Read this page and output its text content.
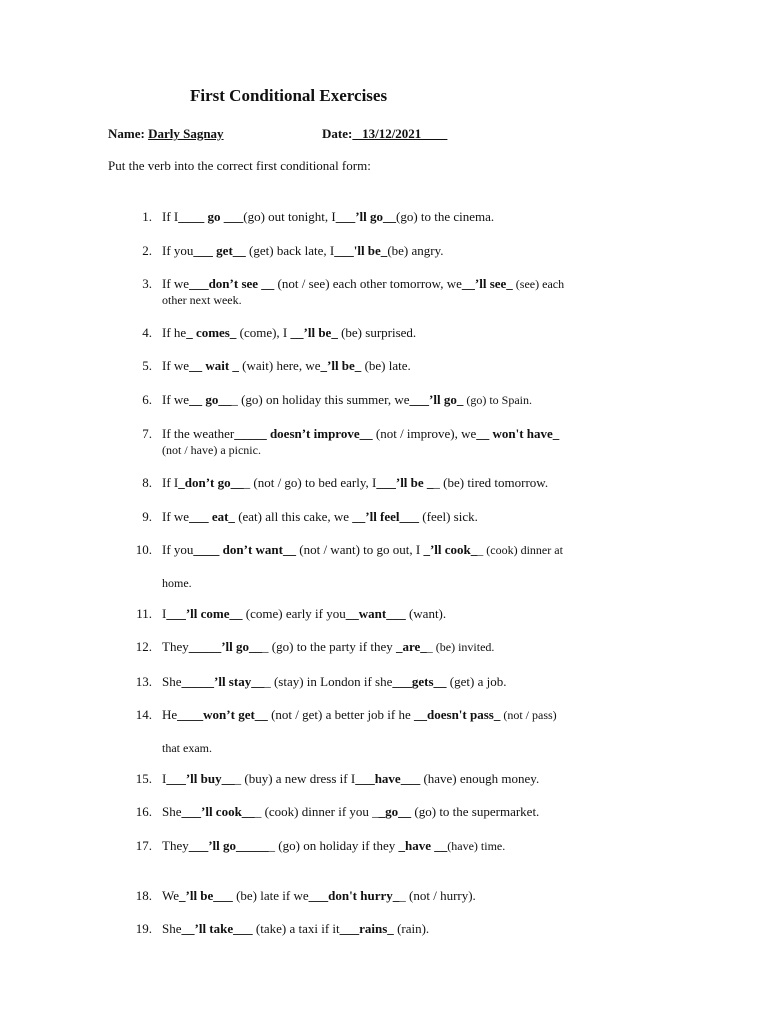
First Conditional Exercises
Name: Darly Sagnay	Date: _13/12/2021____
Put the verb into the correct first conditional form:
1. If I____ go ___(go) out tonight, I___’ll go__(go) to the cinema.
2. If you___ get__ (get) back late, I___'ll be_(be) angry.
3. If we___don’t see __ (not / see) each other tomorrow, we__’ll see_ (see) each
other next week.
4. If he_ comes_ (come), I __’ll be_ (be) surprised.
5. If we__ wait _ (wait) here, we_’ll be_ (be) late.
6. If we__ go___ (go) on holiday this summer, we___’ll go_ (go) to Spain.
7. If the weather_____ doesn’t improve__ (not / improve), we__ won't have_
(not / have) a picnic.
8. If I_don’t go___ (not / go) to bed early, I___’ll be __ (be) tired tomorrow.
9. If we___ eat_ (eat) all this cake, we __’ll feel___ (feel) sick.
10. If you____ don’t want__ (not / want) to go out, I _’ll cook__ (cook) dinner at
home.
11. I___’ll come__ (come) early if you__want___ (want).
12. They_____’ll go___ (go) to the party if they _are__ (be) invited.
13. She_____’ll stay___ (stay) in London if she___gets__ (get) a job.
14. He____won’t get__ (not / get) a better job if he __doesn't pass_ (not / pass)
that exam.
15. I___’ll buy___ (buy) a new dress if I___have___ (have) enough money.
16. She___’ll cook___ (cook) dinner if you __go__ (go) to the supermarket.
17. They___’ll go______ (go) on holiday if they _have __(have) time.
18. We_’ll be___ (be) late if we___don't hurry__ (not / hurry).
19. She__’ll take___ (take) a taxi if it___rains_ (rain).
